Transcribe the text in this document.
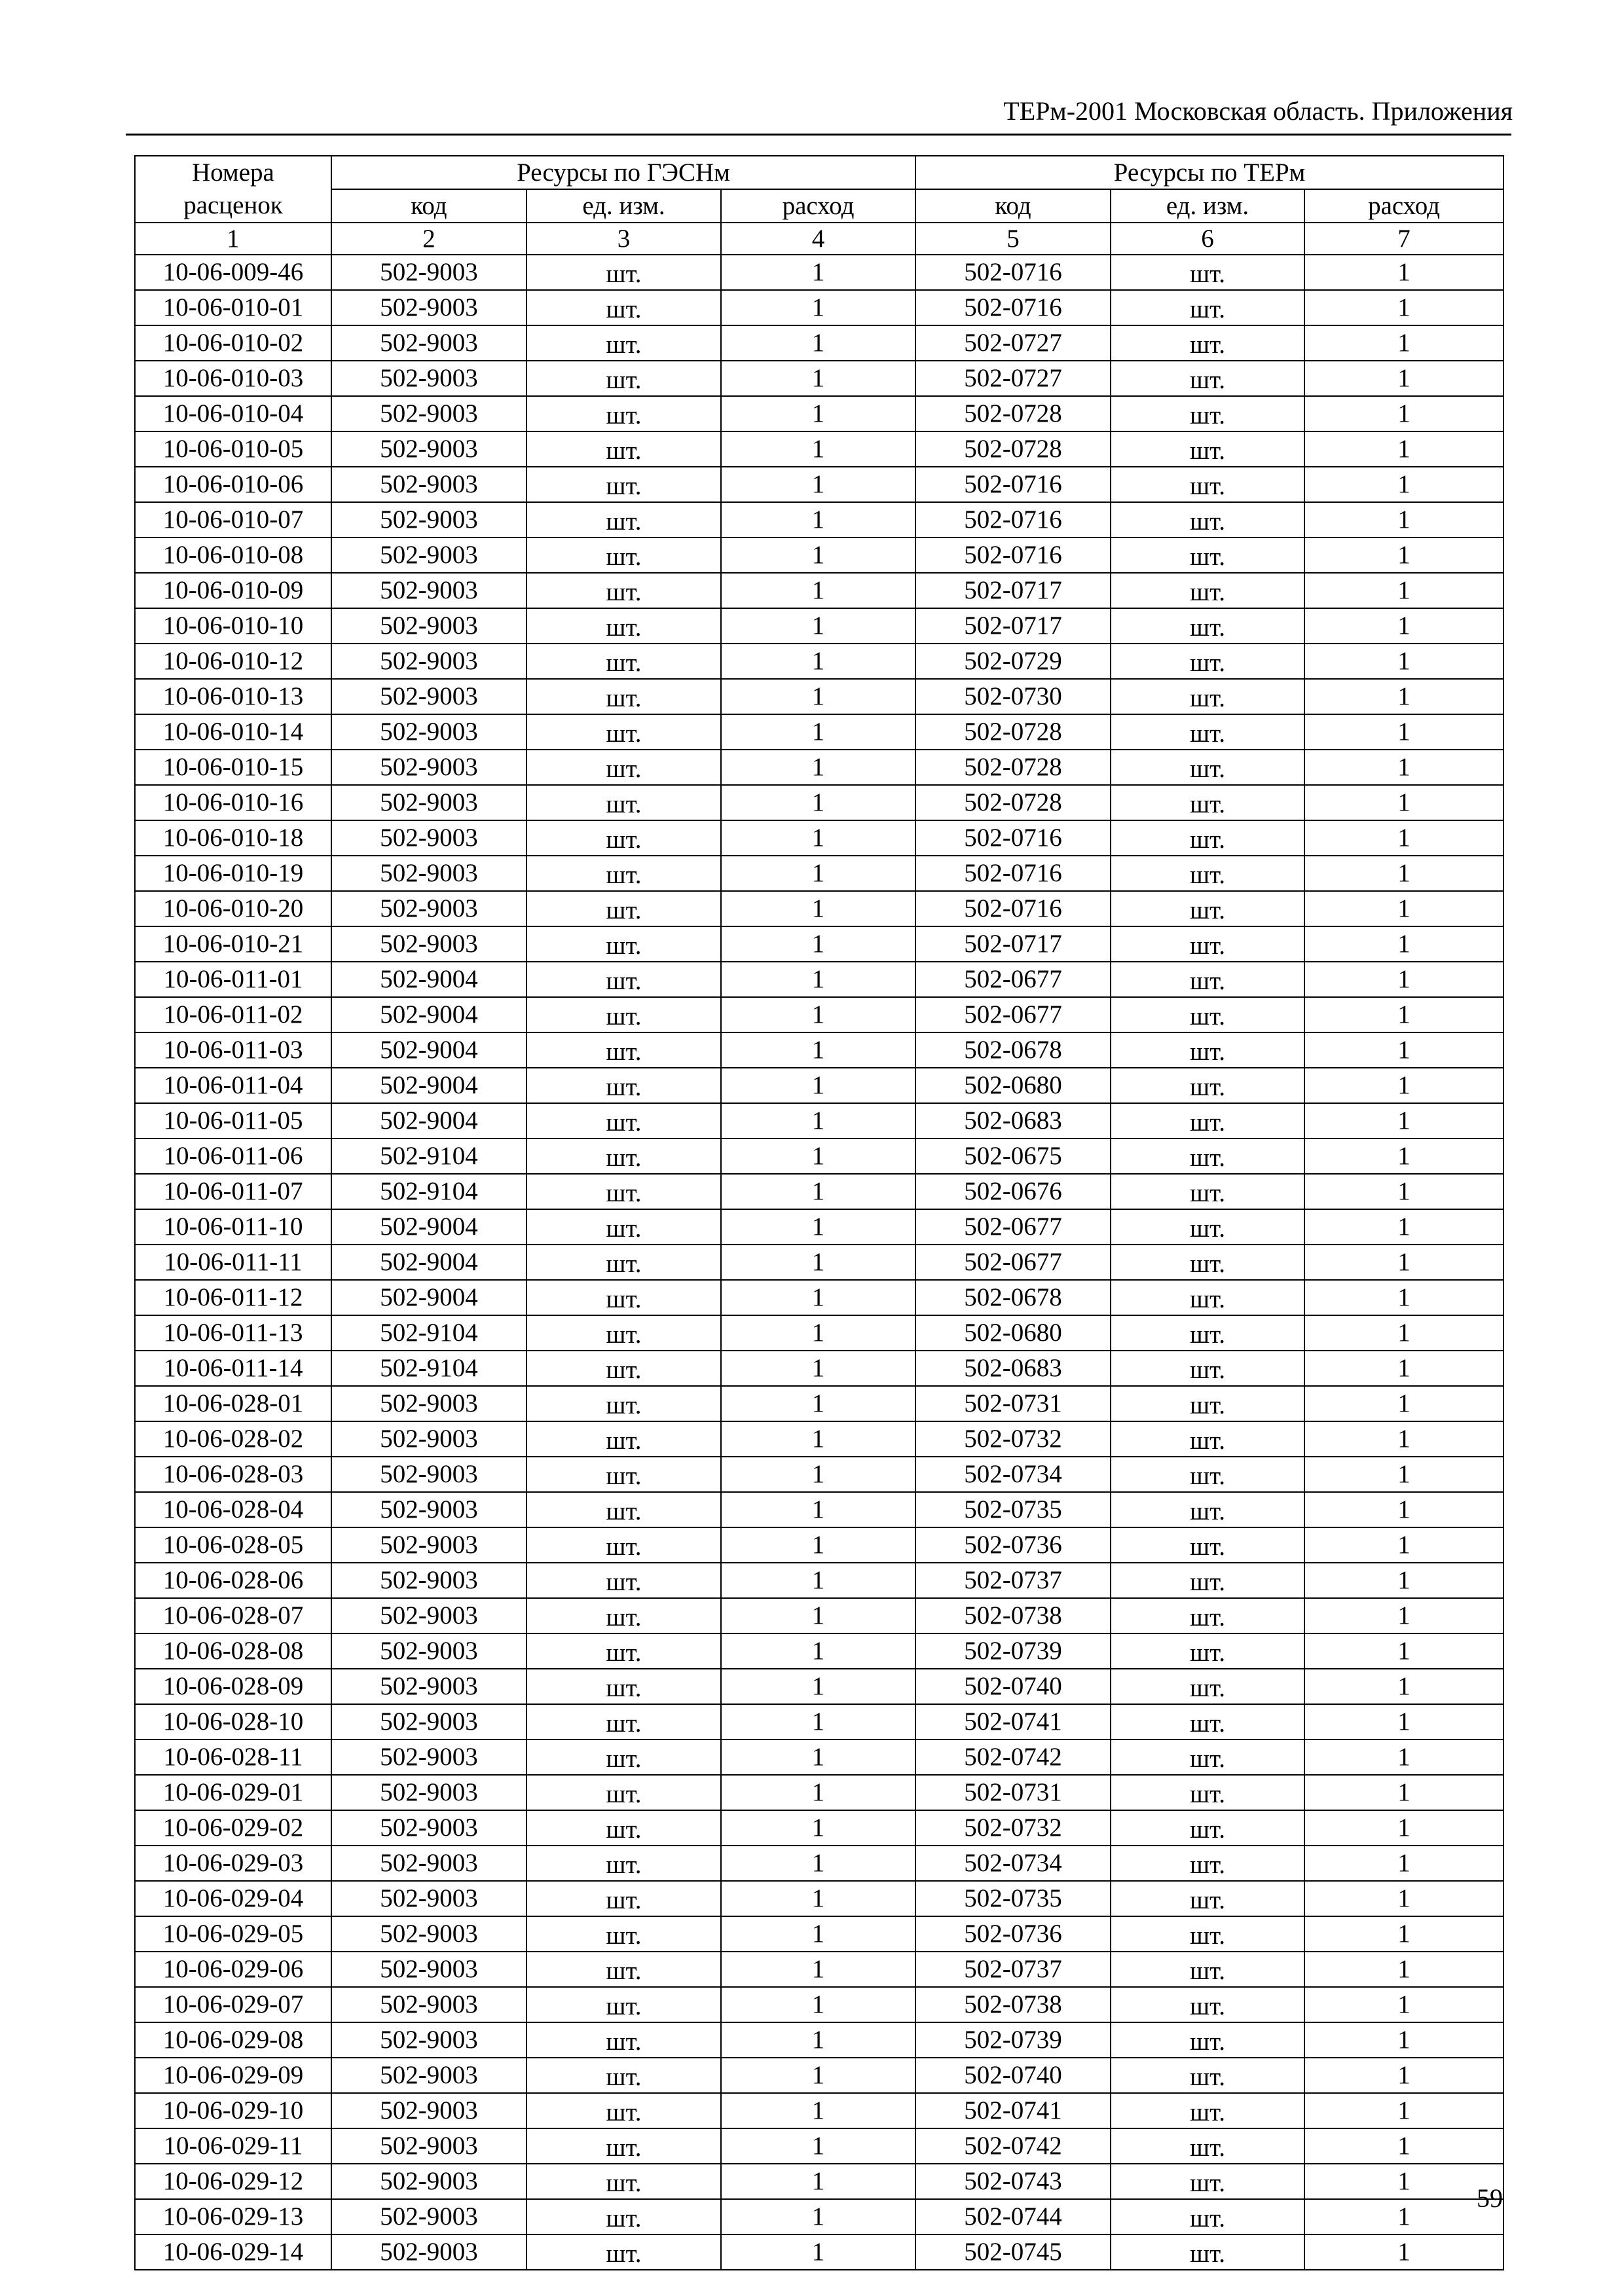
ТЕРм-2001 Московская область. Приложения
Номера расценок	Ресурсы по ГЭСНм			Ресурсы по ТЕРм		
	код	ед. изм.	расход	код	ед. изм.	расход
1	2	3	4	5	6	7
10-06-009-46	502-9003	шт.	1	502-0716	шт.	1
10-06-010-01	502-9003	шт.	1	502-0716	шт.	1
10-06-010-02	502-9003	шт.	1	502-0727	шт.	1
10-06-010-03	502-9003	шт.	1	502-0727	шт.	1
10-06-010-04	502-9003	шт.	1	502-0728	шт.	1
10-06-010-05	502-9003	шт.	1	502-0728	шт.	1
10-06-010-06	502-9003	шт.	1	502-0716	шт.	1
10-06-010-07	502-9003	шт.	1	502-0716	шт.	1
10-06-010-08	502-9003	шт.	1	502-0716	шт.	1
10-06-010-09	502-9003	шт.	1	502-0717	шт.	1
10-06-010-10	502-9003	шт.	1	502-0717	шт.	1
10-06-010-12	502-9003	шт.	1	502-0729	шт.	1
10-06-010-13	502-9003	шт.	1	502-0730	шт.	1
10-06-010-14	502-9003	шт.	1	502-0728	шт.	1
10-06-010-15	502-9003	шт.	1	502-0728	шт.	1
10-06-010-16	502-9003	шт.	1	502-0728	шт.	1
10-06-010-18	502-9003	шт.	1	502-0716	шт.	1
10-06-010-19	502-9003	шт.	1	502-0716	шт.	1
10-06-010-20	502-9003	шт.	1	502-0716	шт.	1
10-06-010-21	502-9003	шт.	1	502-0717	шт.	1
10-06-011-01	502-9004	шт.	1	502-0677	шт.	1
10-06-011-02	502-9004	шт.	1	502-0677	шт.	1
10-06-011-03	502-9004	шт.	1	502-0678	шт.	1
10-06-011-04	502-9004	шт.	1	502-0680	шт.	1
10-06-011-05	502-9004	шт.	1	502-0683	шт.	1
10-06-011-06	502-9104	шт.	1	502-0675	шт.	1
10-06-011-07	502-9104	шт.	1	502-0676	шт.	1
10-06-011-10	502-9004	шт.	1	502-0677	шт.	1
10-06-011-11	502-9004	шт.	1	502-0677	шт.	1
10-06-011-12	502-9004	шт.	1	502-0678	шт.	1
10-06-011-13	502-9104	шт.	1	502-0680	шт.	1
10-06-011-14	502-9104	шт.	1	502-0683	шт.	1
10-06-028-01	502-9003	шт.	1	502-0731	шт.	1
10-06-028-02	502-9003	шт.	1	502-0732	шт.	1
10-06-028-03	502-9003	шт.	1	502-0734	шт.	1
10-06-028-04	502-9003	шт.	1	502-0735	шт.	1
10-06-028-05	502-9003	шт.	1	502-0736	шт.	1
10-06-028-06	502-9003	шт.	1	502-0737	шт.	1
10-06-028-07	502-9003	шт.	1	502-0738	шт.	1
10-06-028-08	502-9003	шт.	1	502-0739	шт.	1
10-06-028-09	502-9003	шт.	1	502-0740	шт.	1
10-06-028-10	502-9003	шт.	1	502-0741	шт.	1
10-06-028-11	502-9003	шт.	1	502-0742	шт.	1
10-06-029-01	502-9003	шт.	1	502-0731	шт.	1
10-06-029-02	502-9003	шт.	1	502-0732	шт.	1
10-06-029-03	502-9003	шт.	1	502-0734	шт.	1
10-06-029-04	502-9003	шт.	1	502-0735	шт.	1
10-06-029-05	502-9003	шт.	1	502-0736	шт.	1
10-06-029-06	502-9003	шт.	1	502-0737	шт.	1
10-06-029-07	502-9003	шт.	1	502-0738	шт.	1
10-06-029-08	502-9003	шт.	1	502-0739	шт.	1
10-06-029-09	502-9003	шт.	1	502-0740	шт.	1
10-06-029-10	502-9003	шт.	1	502-0741	шт.	1
10-06-029-11	502-9003	шт.	1	502-0742	шт.	1
10-06-029-12	502-9003	шт.	1	502-0743	шт.	1
10-06-029-13	502-9003	шт.	1	502-0744	шт.	1
10-06-029-14	502-9003	шт.	1	502-0745	шт.	1
59
